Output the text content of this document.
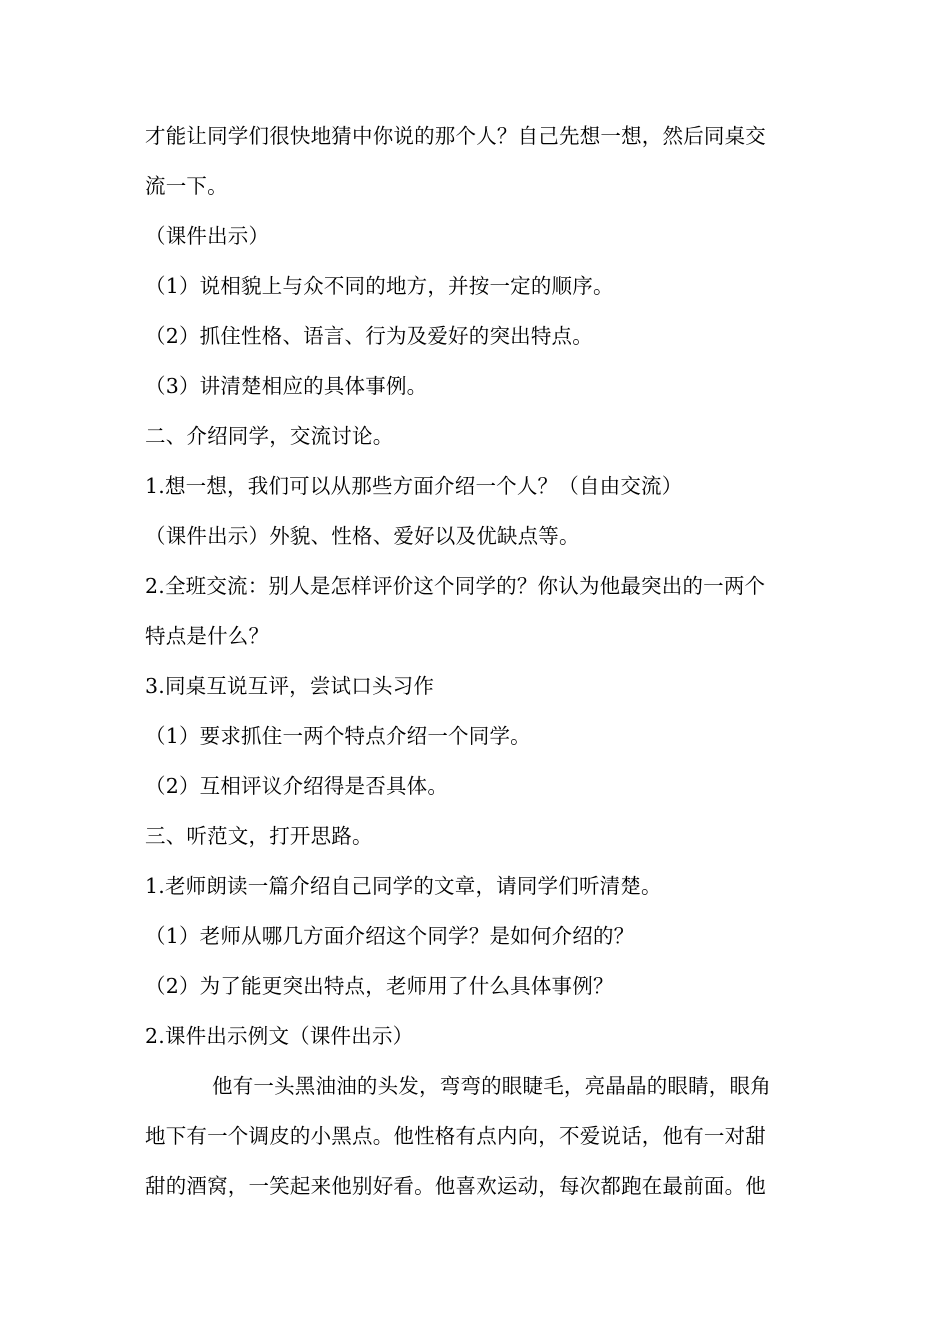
才能让同学们很快地猜中你说的那个人？自己先想一想，然后同桌交
流一下。
（课件出示）
（1）说相貌上与众不同的地方，并按一定的顺序。
（2）抓住性格、语言、行为及爱好的突出特点。
（3）讲清楚相应的具体事例。
二、介绍同学，交流讨论。
1.想一想，我们可以从那些方面介绍一个人？（自由交流）
（课件出示）外貌、性格、爱好以及优缺点等。
2.全班交流：别人是怎样评价这个同学的？你认为他最突出的一两个
特点是什么？
3.同桌互说互评，尝试口头习作
（1）要求抓住一两个特点介绍一个同学。
（2）互相评议介绍得是否具体。
三、听范文，打开思路。
1.老师朗读一篇介绍自己同学的文章，请同学们听清楚。
（1）老师从哪几方面介绍这个同学？是如何介绍的？
（2）为了能更突出特点，老师用了什么具体事例？
2.课件出示例文（课件出示）
他有一头黑油油的头发，弯弯的眼睫毛，亮晶晶的眼睛，眼角
地下有一个调皮的小黑点。他性格有点内向，不爱说话，他有一对甜
甜的酒窝，一笑起来他别好看。他喜欢运动，每次都跑在最前面。他
